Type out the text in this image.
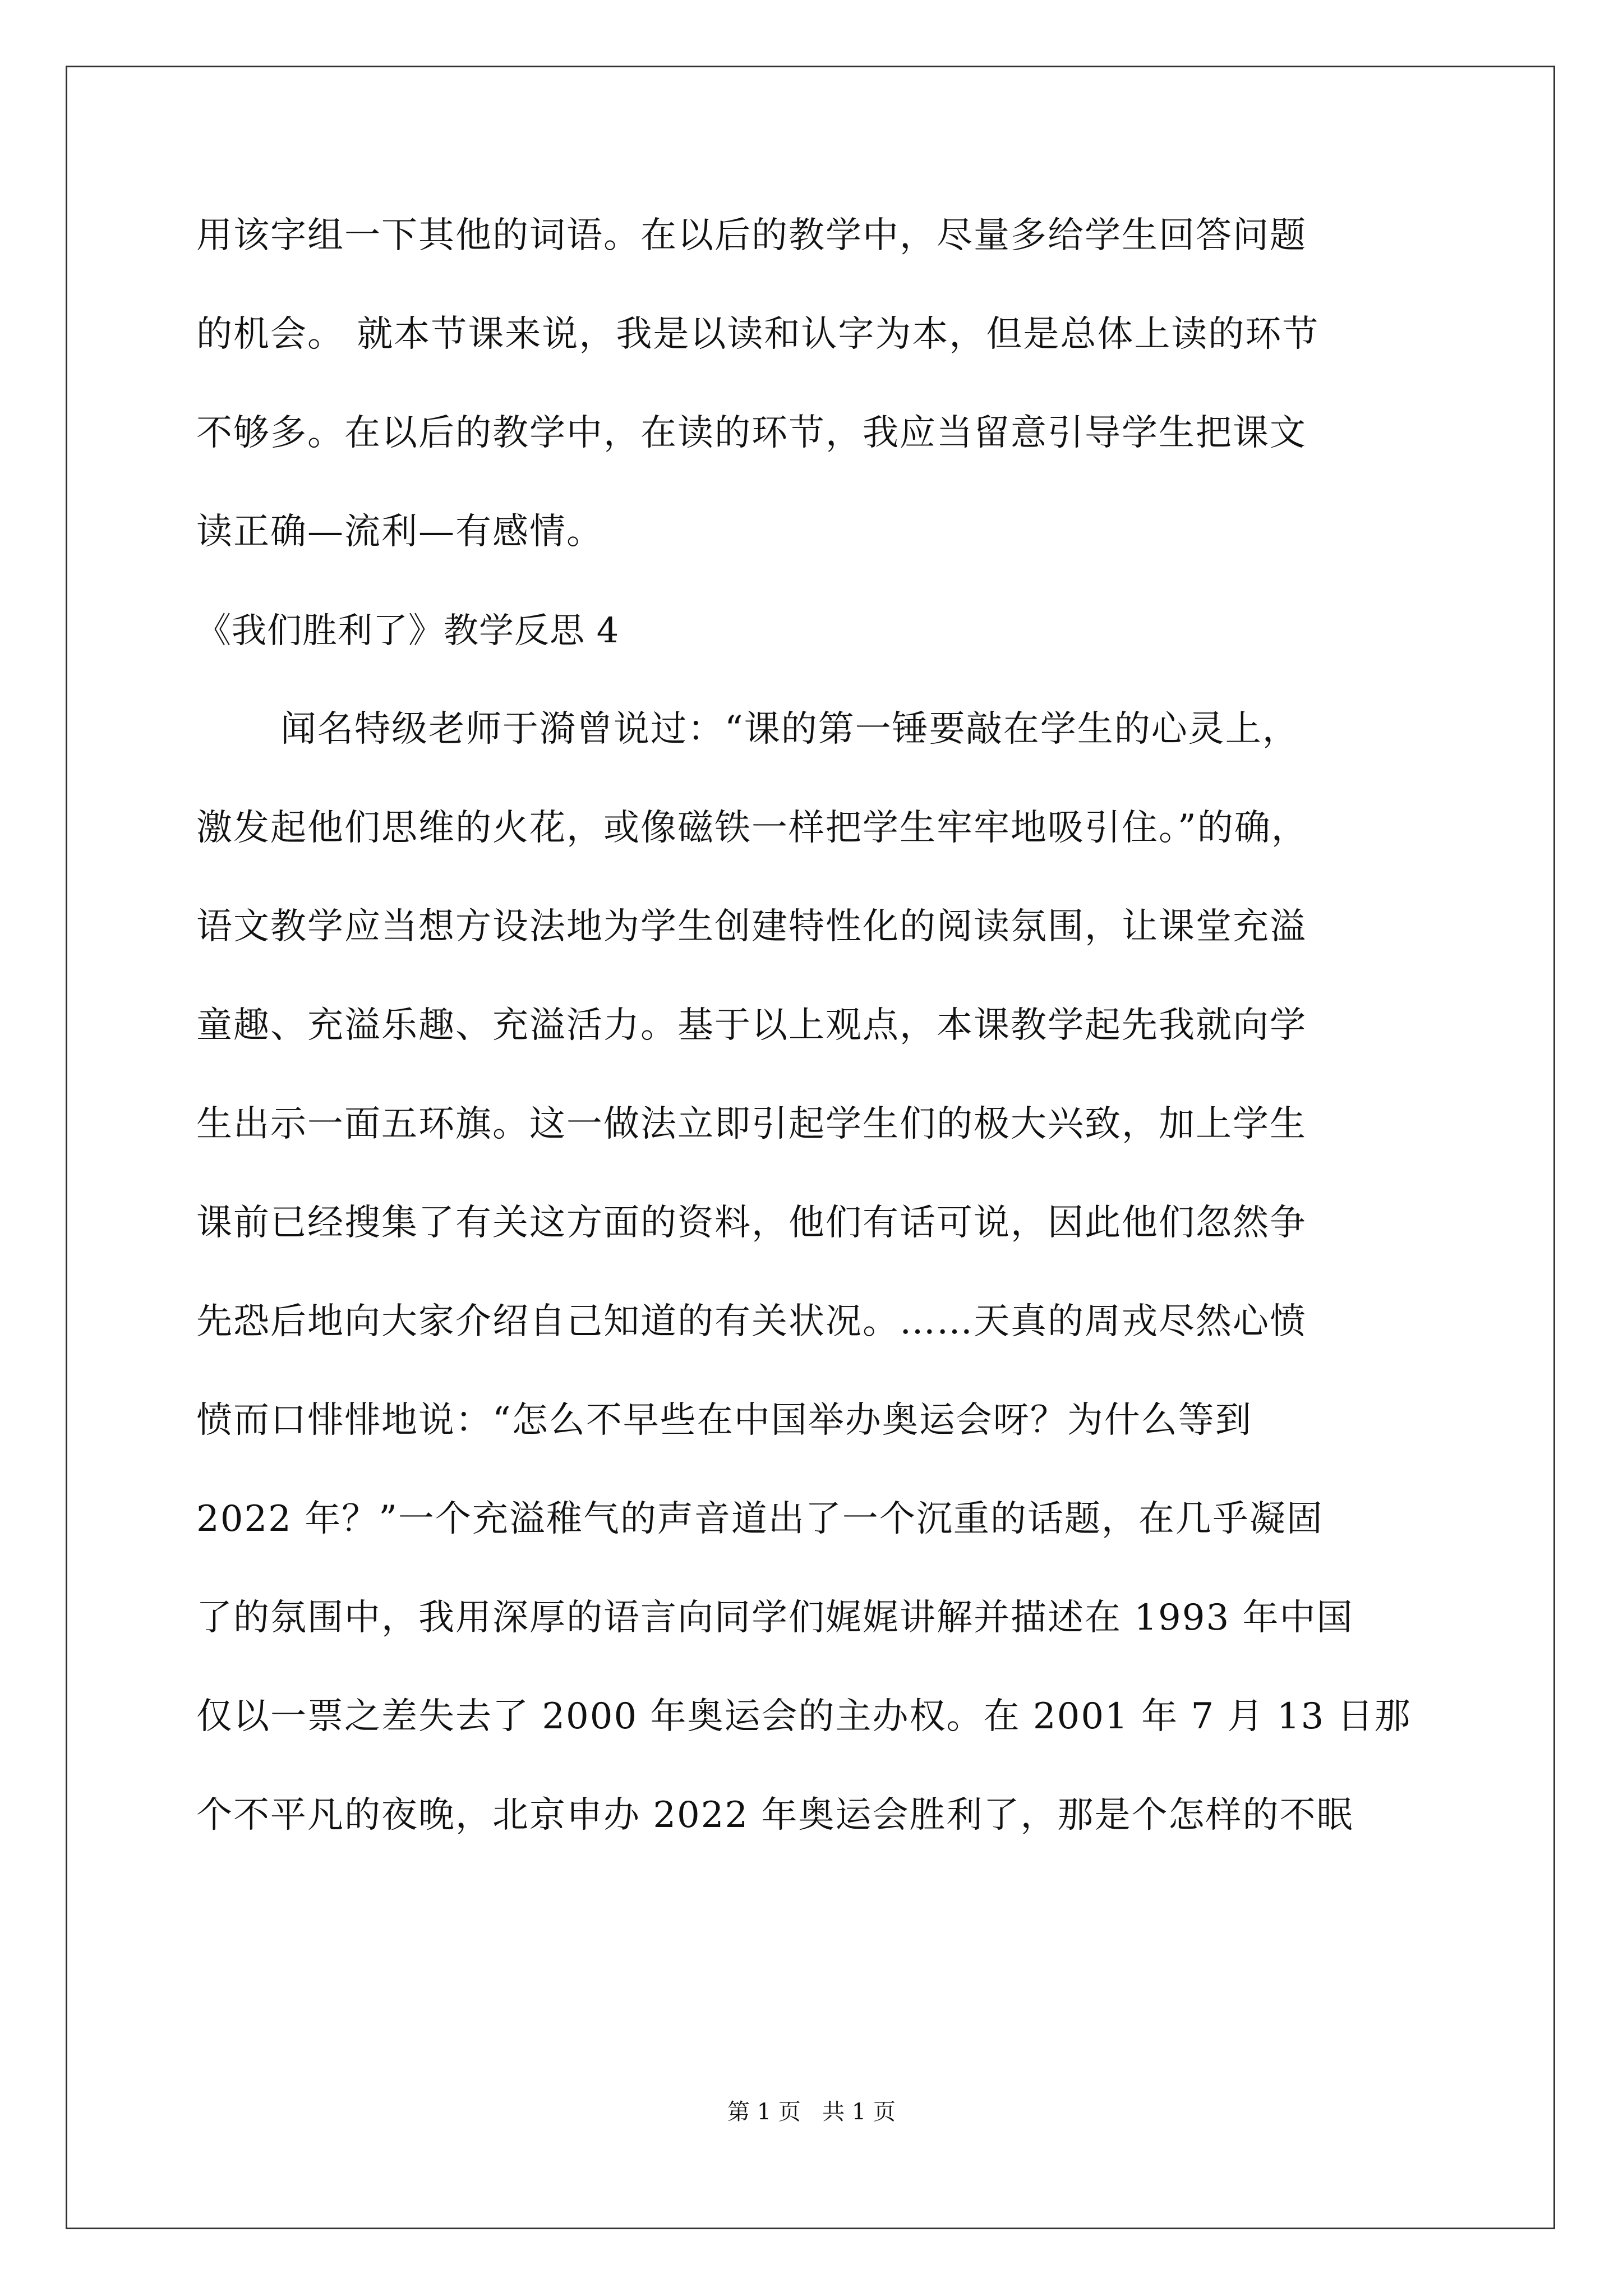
用该字组一下其他的词语。在以后的教学中，尽量多给学生回答问题
的机会。 就本节课来说，我是以读和认字为本，但是总体上读的环节
不够多。在以后的教学中，在读的环节，我应当留意引导学生把课文
读正确—流利—有感情。
《我们胜利了》教学反思 4
闻名特级老师于漪曾说过：“课的第一锤要敲在学生的心灵上，
激发起他们思维的火花，或像磁铁一样把学生牢牢地吸引住。”的确，
语文教学应当想方设法地为学生创建特性化的阅读氛围，让课堂充溢
童趣、充溢乐趣、充溢活力。基于以上观点，本课教学起先我就向学
生出示一面五环旗。这一做法立即引起学生们的极大兴致，加上学生
课前已经搜集了有关这方面的资料，他们有话可说，因此他们忽然争
先恐后地向大家介绍自己知道的有关状况。……天真的周戎尽然心愤
愤而口悱悱地说：“怎么不早些在中国举办奥运会呀？为什么等到
2022 年？”一个充溢稚气的声音道出了一个沉重的话题，在几乎凝固
了的氛围中，我用深厚的语言向同学们娓娓讲解并描述在 1993 年中国
仅以一票之差失去了 2000 年奥运会的主办权。在 2001 年 7 月 13 日那
个不平凡的夜晚，北京申办 2022 年奥运会胜利了，那是个怎样的不眠
第 1 页   共 1 页
